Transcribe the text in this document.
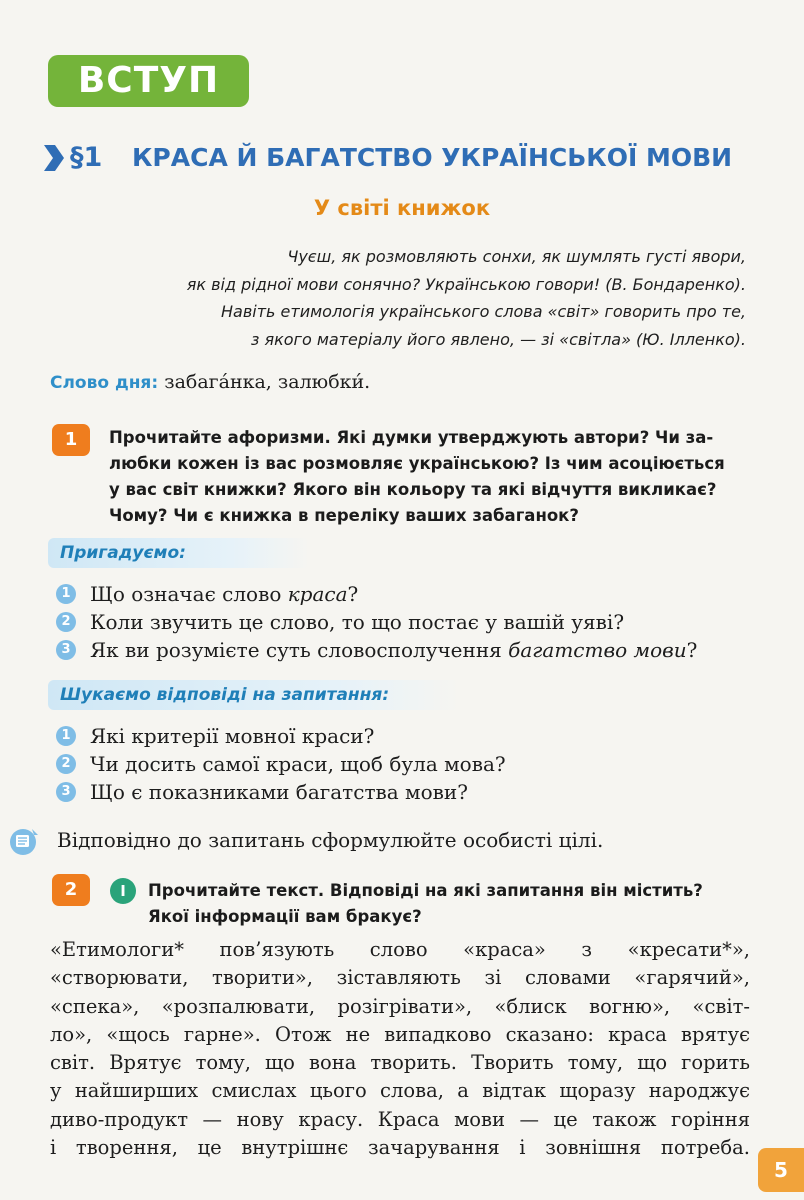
ВСТУП
§1 КРАСА Й БАГАТСТВО УКРАЇНСЬКОЇ МОВИ
У світі книжок
Чуєш, як розмовляють сонхи, як шумлять густі явори,
як від рідної мови сонячно? Українською говори! (В. Бондаренко).
Навіть етимологія українського слова «світ» говорить про те,
з якого матеріалу його явлено, — зі «світла» (Ю. Ілленко).
Слово дня: забага́нка, залюбки́.
1	Прочитайте афоризми. Які думки утверджують автори? Чи за-
любки кожен із вас розмовляє українською? Із чим асоціюється
у вас світ книжки? Якого він кольору та які відчуття викликає?
Чому? Чи є книжка в переліку ваших забаганок?
Пригадуємо:
1 Що означає слово краса?
2 Коли звучить це слово, то що постає у вашій уяві?
3 Як ви розумієте суть словосполучення багатство мови?
Шукаємо відповіді на запитання:
1 Які критерії мовної краси?
2 Чи досить самої краси, щоб була мова?
3 Що є показниками багатства мови?
Відповідно до запитань сформулюйте особисті цілі.
2	I	Прочитайте текст. Відповіді на які запитання він містить?
Якої інформації вам бракує?
«Етимологи* пов’язують слово «краса» з «кресати*»,
«створювати, творити», зіставляють зі словами «гарячий»,
«спека», «розпалювати, розігрівати», «блиск вогню», «світ-
ло», «щось гарне». Отож не випадково сказано: краса врятує
світ. Врятує тому, що вона творить. Творить тому, що горить
у найширших смислах цього слова, а відтак щоразу народжує
диво-продукт — нову красу. Краса мови — це також горіння
і творення, це внутрішнє зачарування і зовнішня потреба.
5
